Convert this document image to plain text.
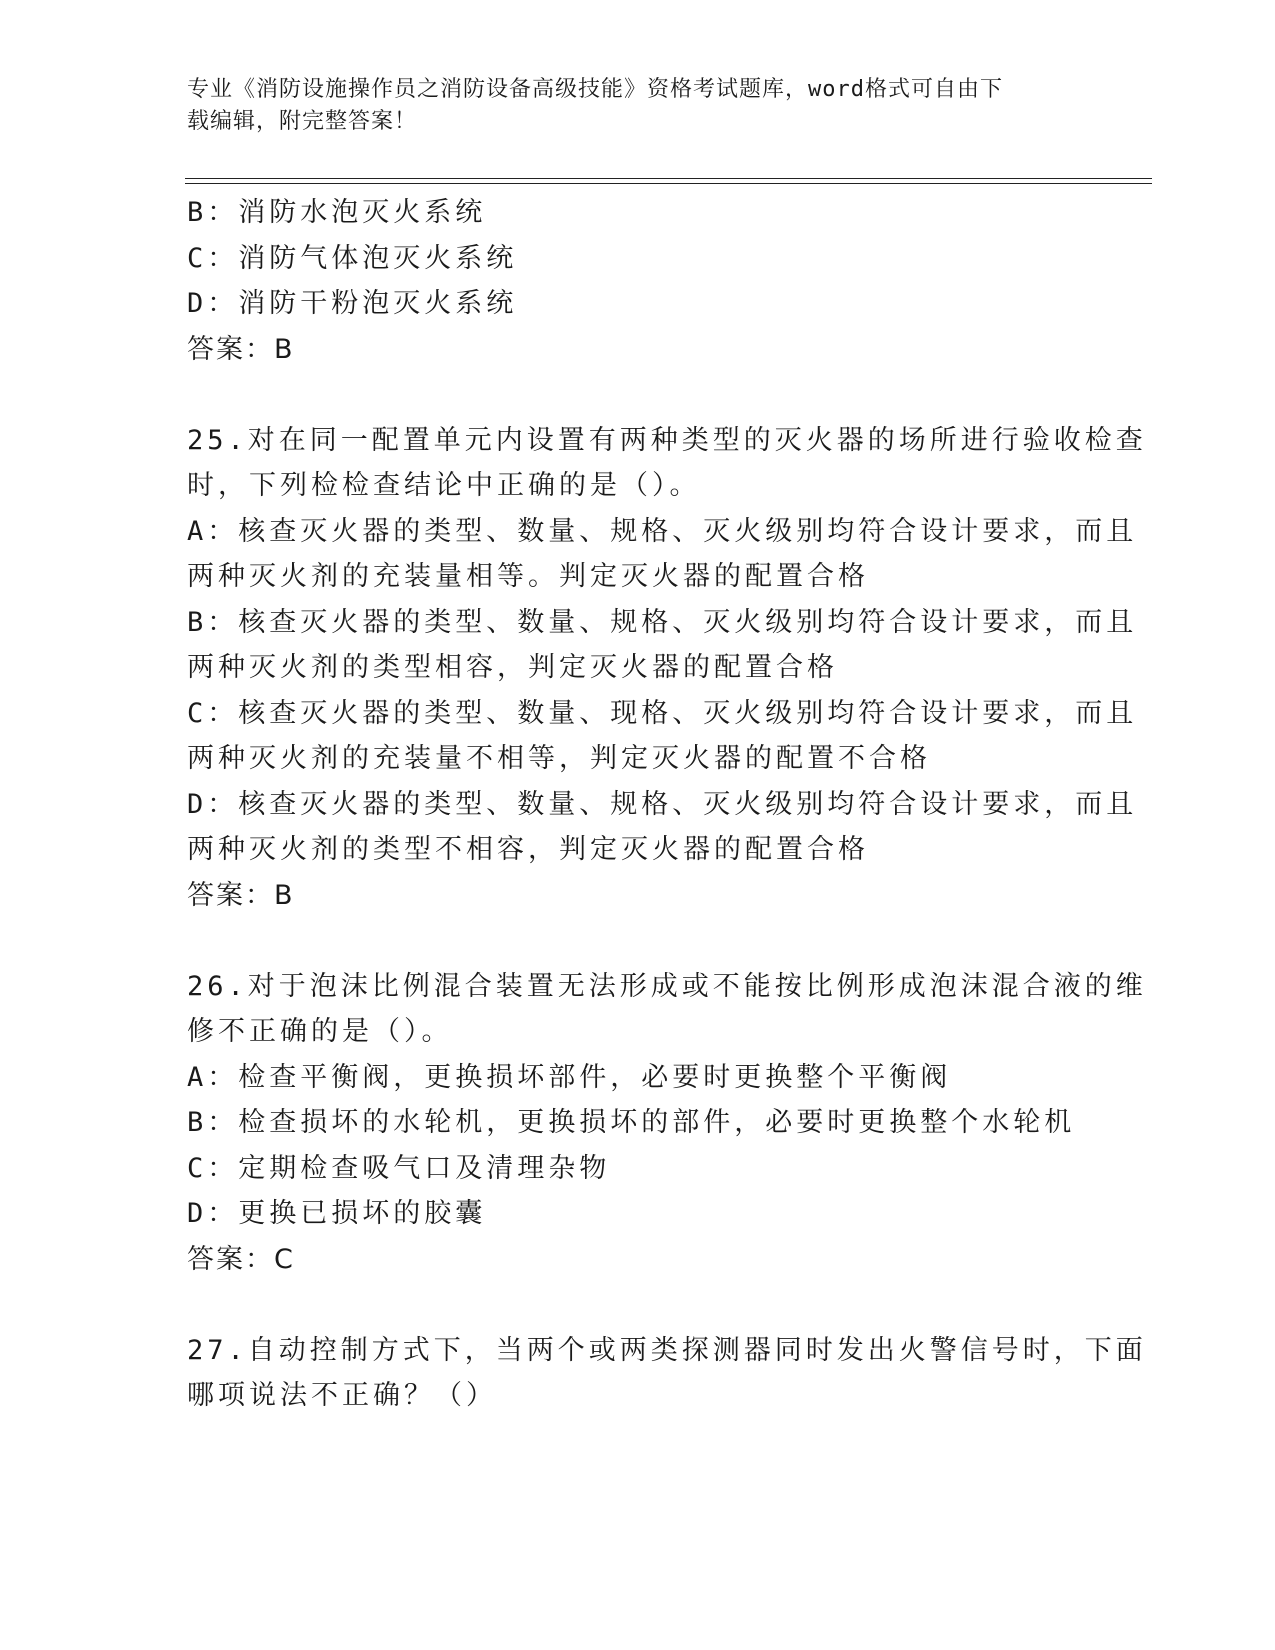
专业《消防设施操作员之消防设备高级技能》资格考试题库，word格式可自由下
载编辑，附完整答案！
B：消防水泡灭火系统
C：消防气体泡灭火系统
D：消防干粉泡灭火系统
答案：B
25.对在同一配置单元内设置有两种类型的灭火器的场所进行验收检查
时，下列检检查结论中正确的是（）。
A：核查灭火器的类型、数量、规格、灭火级别均符合设计要求，而且
两种灭火剂的充装量相等。判定灭火器的配置合格
B：核查灭火器的类型、数量、规格、灭火级别均符合设计要求，而且
两种灭火剂的类型相容，判定灭火器的配置合格
C：核查灭火器的类型、数量、现格、灭火级别均符合设计要求，而且
两种灭火剂的充装量不相等，判定灭火器的配置不合格
D：核查灭火器的类型、数量、规格、灭火级别均符合设计要求，而且
两种灭火剂的类型不相容，判定灭火器的配置合格
答案：B
26.对于泡沫比例混合装置无法形成或不能按比例形成泡沫混合液的维
修不正确的是（）。
A：检查平衡阀，更换损坏部件，必要时更换整个平衡阀
B：检查损坏的水轮机，更换损坏的部件，必要时更换整个水轮机
C：定期检查吸气口及清理杂物
D：更换已损坏的胶囊
答案：C
27.自动控制方式下，当两个或两类探测器同时发出火警信号时，下面
哪项说法不正确？（）
